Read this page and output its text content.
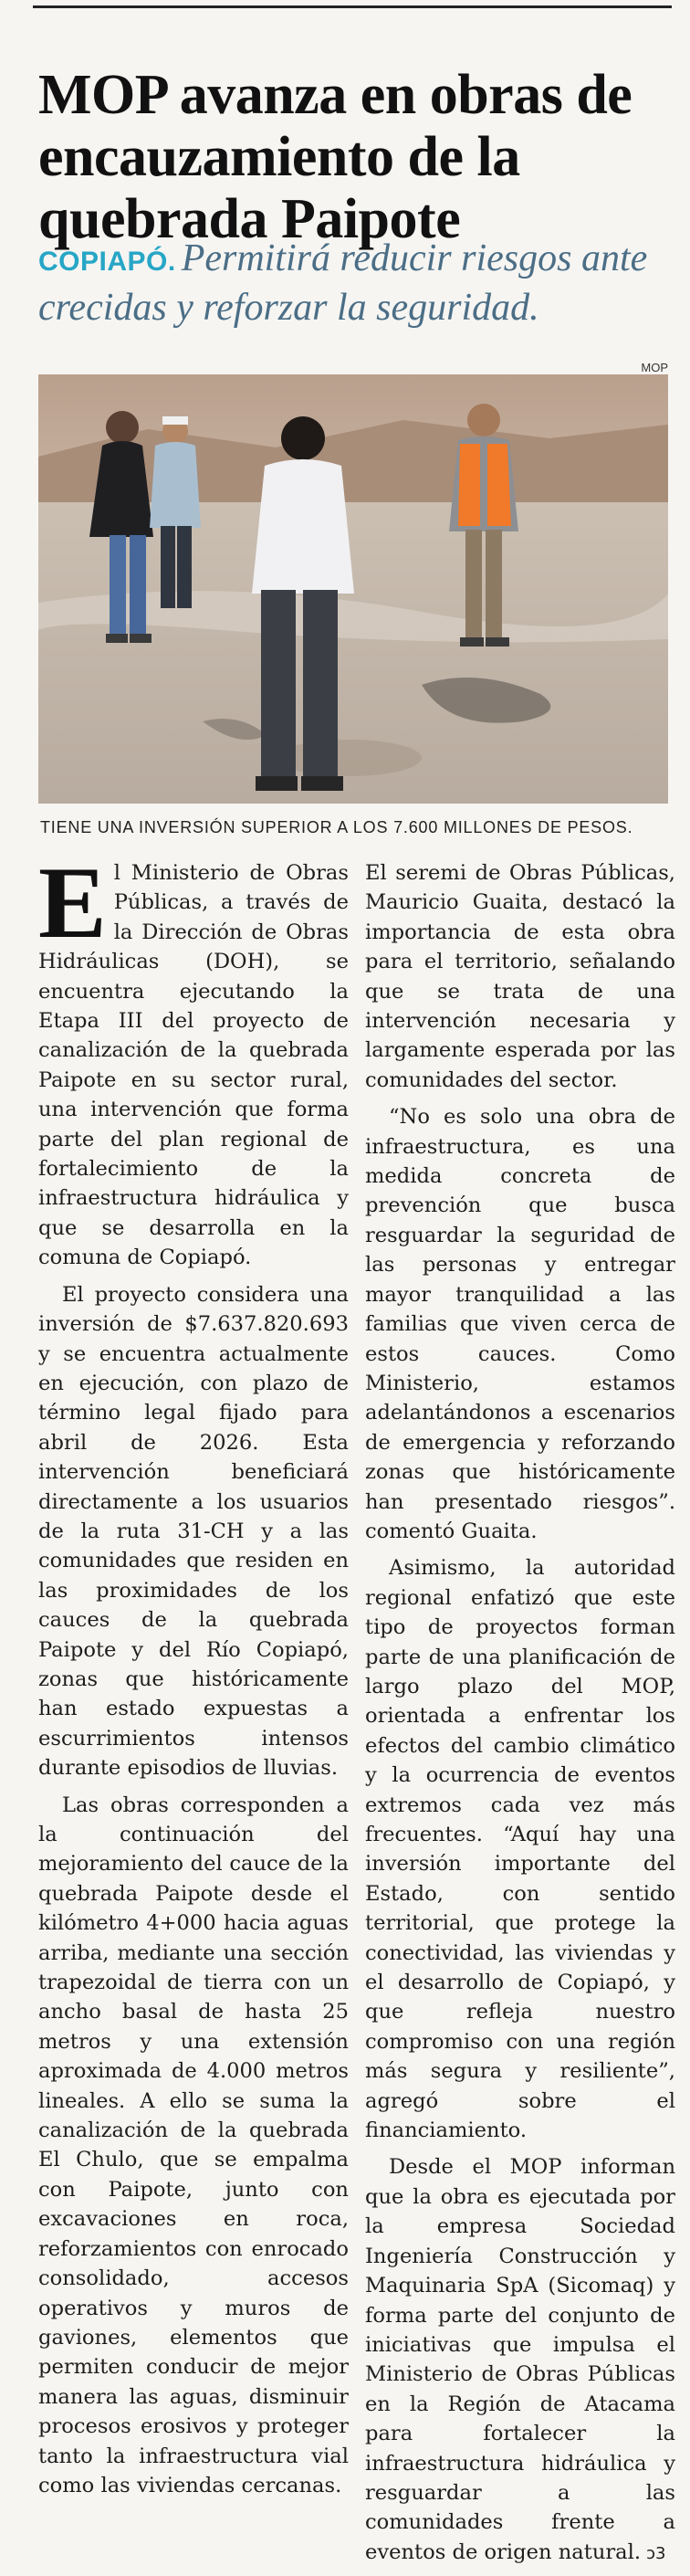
MOP avanza en obras de encauzamiento de la quebrada Paipote
COPIAPÓ. Permitirá reducir riesgos ante crecidas y reforzar la seguridad.
MOP
TIENE UNA INVERSIÓN SUPERIOR A LOS 7.600 MILLONES DE PESOS.

El Ministerio de Obras Públicas, a través de la Dirección de Obras Hidráulicas (DOH), se encuentra ejecutando la Etapa III del proyecto de canalización de la quebrada Paipote en su sector rural, una intervención que forma parte del plan regional de fortalecimiento de la infraestructura hidráulica y que se desarrolla en la comuna de Copiapó.

El proyecto considera una inversión de $7.637.820.693 y se encuentra actualmente en ejecución, con plazo de término legal fijado para abril de 2026. Esta intervención beneficiará directamente a los usuarios de la ruta 31-CH y a las comunidades que residen en las proximidades de los cauces de la quebrada Paipote y del Río Copiapó, zonas que históricamente han estado expuestas a escurrimientos intensos durante episodios de lluvias.

Las obras corresponden a la continuación del mejoramiento del cauce de la quebrada Paipote desde el kilómetro 4+000 hacia aguas arriba, mediante una sección trapezoidal de tierra con un ancho basal de hasta 25 metros y una extensión aproximada de 4.000 metros lineales. A ello se suma la canalización de la quebrada El Chulo, que se empalma con Paipote, junto con excavaciones en roca, reforzamientos con enrocado consolidado, accesos operativos y muros de gaviones, elementos que permiten conducir de mejor manera las aguas, disminuir procesos erosivos y proteger tanto la infraestructura vial como las viviendas cercanas.

El seremi de Obras Públicas, Mauricio Guaita, destacó la importancia de esta obra para el territorio, señalando que se trata de una intervención necesaria y largamente esperada por las comunidades del sector.

“No es solo una obra de infraestructura, es una medida concreta de prevención que busca resguardar la seguridad de las personas y entregar mayor tranquilidad a las familias que viven cerca de estos cauces. Como Ministerio, estamos adelantándonos a escenarios de emergencia y reforzando zonas que históricamente han presentado riesgos”. comentó Guaita.

Asimismo, la autoridad regional enfatizó que este tipo de proyectos forman parte de una planificación de largo plazo del MOP, orientada a enfrentar los efectos del cambio climático y la ocurrencia de eventos extremos cada vez más frecuentes. “Aquí hay una inversión importante del Estado, con sentido territorial, que protege la conectividad, las viviendas y el desarrollo de Copiapó, y que refleja nuestro compromiso con una región más segura y resiliente”, agregó sobre el financiamiento.

Desde el MOP informan que la obra es ejecutada por la empresa Sociedad Ingeniería Construcción y Maquinaria SpA (Sicomaq) y forma parte del conjunto de iniciativas que impulsa el Ministerio de Obras Públicas en la Región de Atacama para fortalecer la infraestructura hidráulica y resguardar a las comunidades frente a eventos de origen natural. ↄ3
